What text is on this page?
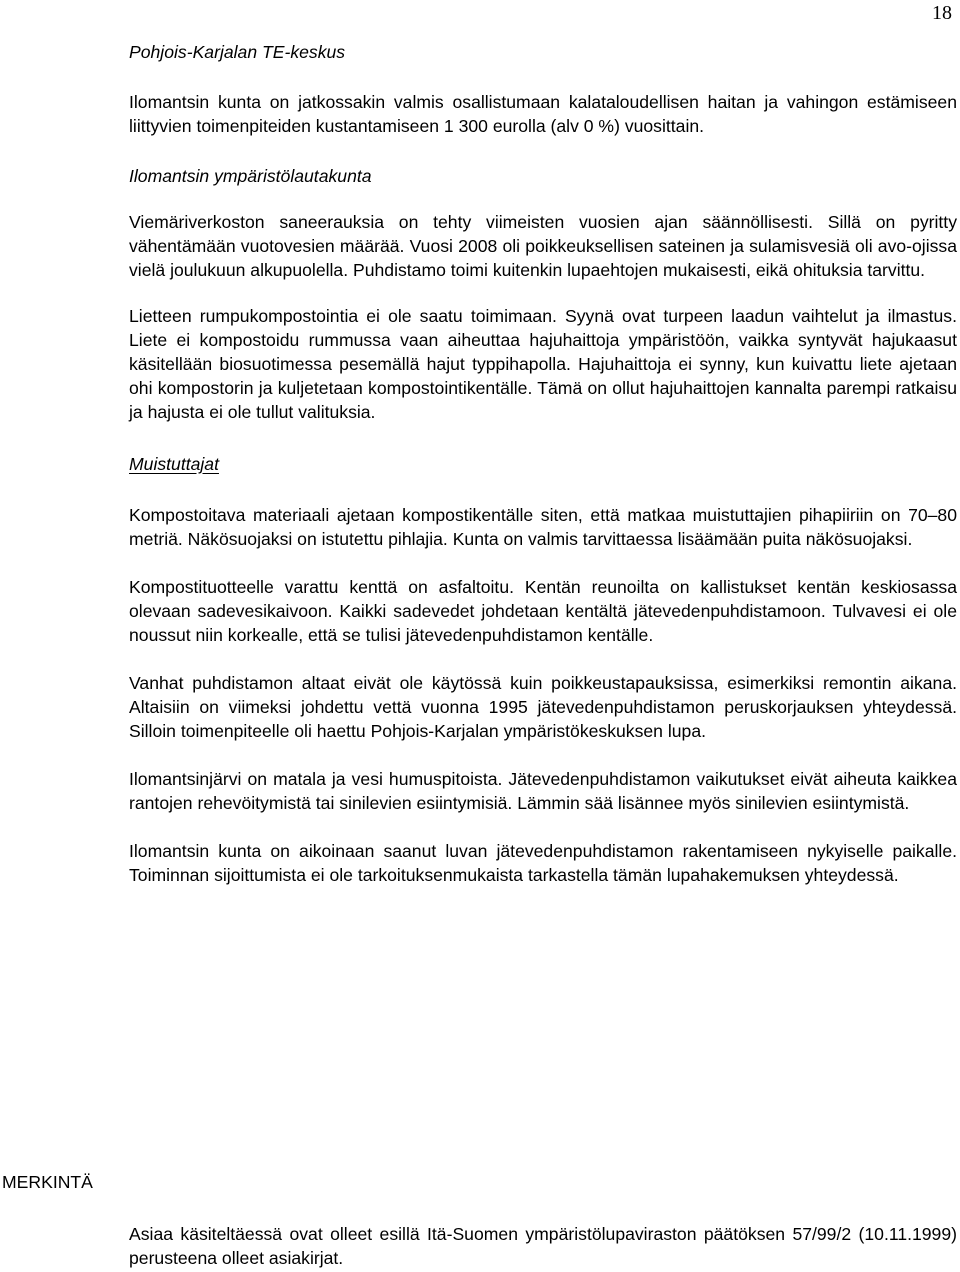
18

Pohjois-Karjalan TE-keskus

Ilomantsin kunta on jatkossakin valmis osallistumaan kalataloudellisen haitan ja vahingon estämiseen liittyvien toimenpiteiden kustantamiseen 1 300 eurolla (alv 0 %) vuosittain.

Ilomantsin ympäristölautakunta

Viemäriverkoston saneerauksia on tehty viimeisten vuosien ajan säännöllisesti. Sillä on pyritty vähentämään vuotovesien määrää. Vuosi 2008 oli poikkeuksellisen sateinen ja sulamisvesiä oli avo-ojissa vielä joulukuun alkupuolella. Puhdistamo toimi kuitenkin lupaehtojen mukaisesti, eikä ohituksia tarvittu.

Lietteen rumpukompostointia ei ole saatu toimimaan. Syynä ovat turpeen laadun vaihtelut ja ilmastus. Liete ei kompostoidu rummussa vaan aiheuttaa hajuhaittoja ympäristöön, vaikka syntyvät hajukaasut käsitellään biosuotimessa pesemällä hajut typpihapolla. Hajuhaittoja ei synny, kun kuivattu liete ajetaan ohi kompostorin ja kuljetetaan kompostointikentälle. Tämä on ollut hajuhaittojen kannalta parempi ratkaisu ja hajusta ei ole tullut valituksia.

Muistuttajat

Kompostoitava materiaali ajetaan kompostikentälle siten, että matkaa muistuttajien pihapiiriin on 70–80 metriä. Näkösuojaksi on istutettu pihlajia. Kunta on valmis tarvittaessa lisäämään puita näkösuojaksi.

Kompostituotteelle varattu kenttä on asfaltoitu. Kentän reunoilta on kallistukset kentän keskiosassa olevaan sadevesikaivoon. Kaikki sadevedet johdetaan kentältä jätevedenpuhdistamoon. Tulvavesi ei ole noussut niin korkealle, että se tulisi jätevedenpuhdistamon kentälle.

Vanhat puhdistamon altaat eivät ole käytössä kuin poikkeustapauksissa, esimerkiksi remontin aikana. Altaisiin on viimeksi johdettu vettä vuonna 1995 jätevedenpuhdistamon peruskorjauksen yhteydessä. Silloin toimenpiteelle oli haettu Pohjois-Karjalan ympäristökeskuksen lupa.

Ilomantsinjärvi on matala ja vesi humuspitoista. Jätevedenpuhdistamon vaikutukset eivät aiheuta kaikkea rantojen rehevöitymistä tai sinilevien esiintymisiä. Lämmin sää lisännee myös sinilevien esiintymistä.

Ilomantsin kunta on aikoinaan saanut luvan jätevedenpuhdistamon rakentamiseen nykyiselle paikalle. Toiminnan sijoittumista ei ole tarkoituksenmukaista tarkastella tämän lupahakemuksen yhteydessä.

MERKINTÄ

Asiaa käsiteltäessä ovat olleet esillä Itä-Suomen ympäristölupaviraston päätöksen 57/99/2 (10.11.1999) perusteena olleet asiakirjat.
